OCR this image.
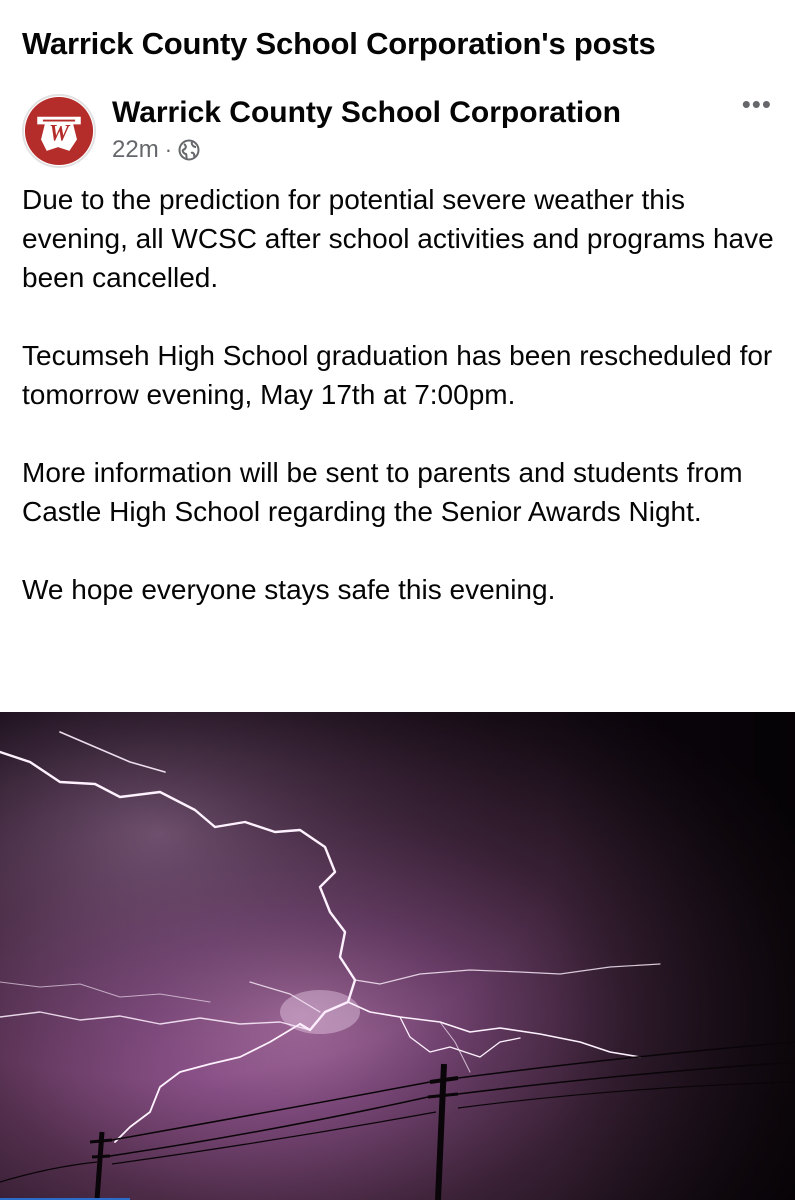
Warrick County School Corporation's posts
W
Warrick County School Corporation
22m ·
•••

Due to the prediction for potential severe weather this evening, all WCSC after school activities and programs have been cancelled.

Tecumseh High School graduation has been rescheduled for tomorrow evening, May 17th at 7:00pm.

More information will be sent to parents and students from Castle High School regarding the Senior Awards Night.

We hope everyone stays safe this evening.
